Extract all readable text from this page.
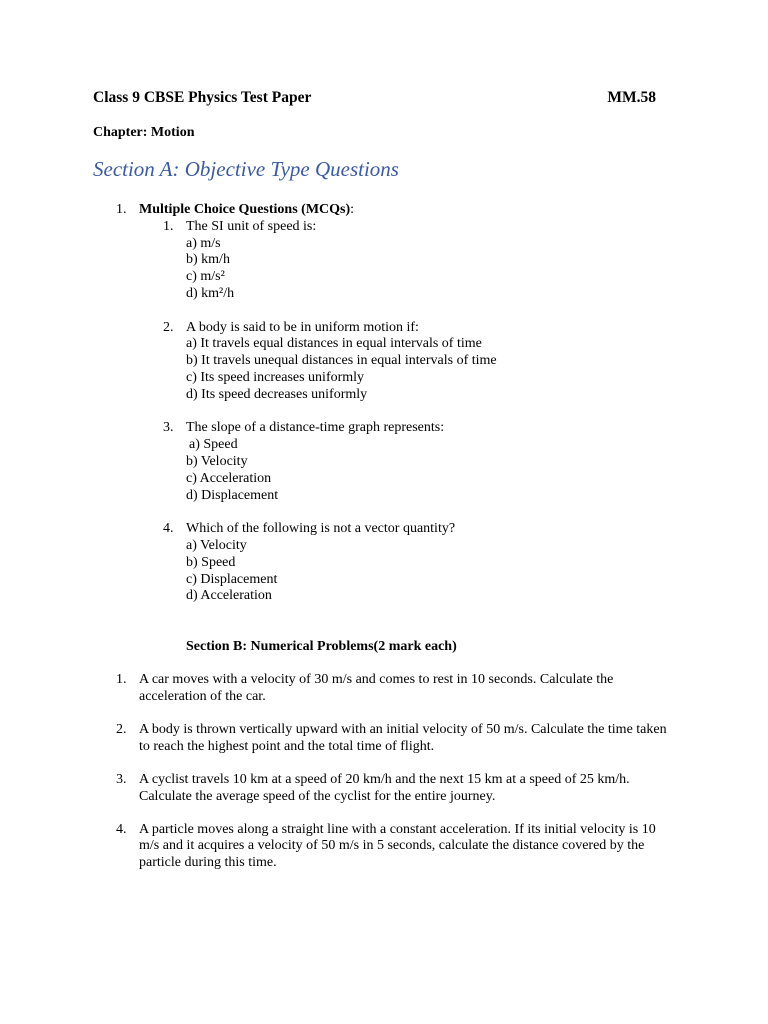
Class 9 CBSE Physics Test Paper	MM.58
Chapter: Motion
Section A: Objective Type Questions
1. Multiple Choice Questions (MCQs):
1. The SI unit of speed is:
a) m/s
b) km/h
c) m/s²
d) km²/h
2. A body is said to be in uniform motion if:
a) It travels equal distances in equal intervals of time
b) It travels unequal distances in equal intervals of time
c) Its speed increases uniformly
d) Its speed decreases uniformly
3. The slope of a distance-time graph represents:
a) Speed
b) Velocity
c) Acceleration
d) Displacement
4. Which of the following is not a vector quantity?
a) Velocity
b) Speed
c) Displacement
d) Acceleration
Section B: Numerical Problems(2 mark each)
1. A car moves with a velocity of 30 m/s and comes to rest in 10 seconds. Calculate the acceleration of the car.
2. A body is thrown vertically upward with an initial velocity of 50 m/s. Calculate the time taken to reach the highest point and the total time of flight.
3. A cyclist travels 10 km at a speed of 20 km/h and the next 15 km at a speed of 25 km/h. Calculate the average speed of the cyclist for the entire journey.
4. A particle moves along a straight line with a constant acceleration. If its initial velocity is 10 m/s and it acquires a velocity of 50 m/s in 5 seconds, calculate the distance covered by the particle during this time.
